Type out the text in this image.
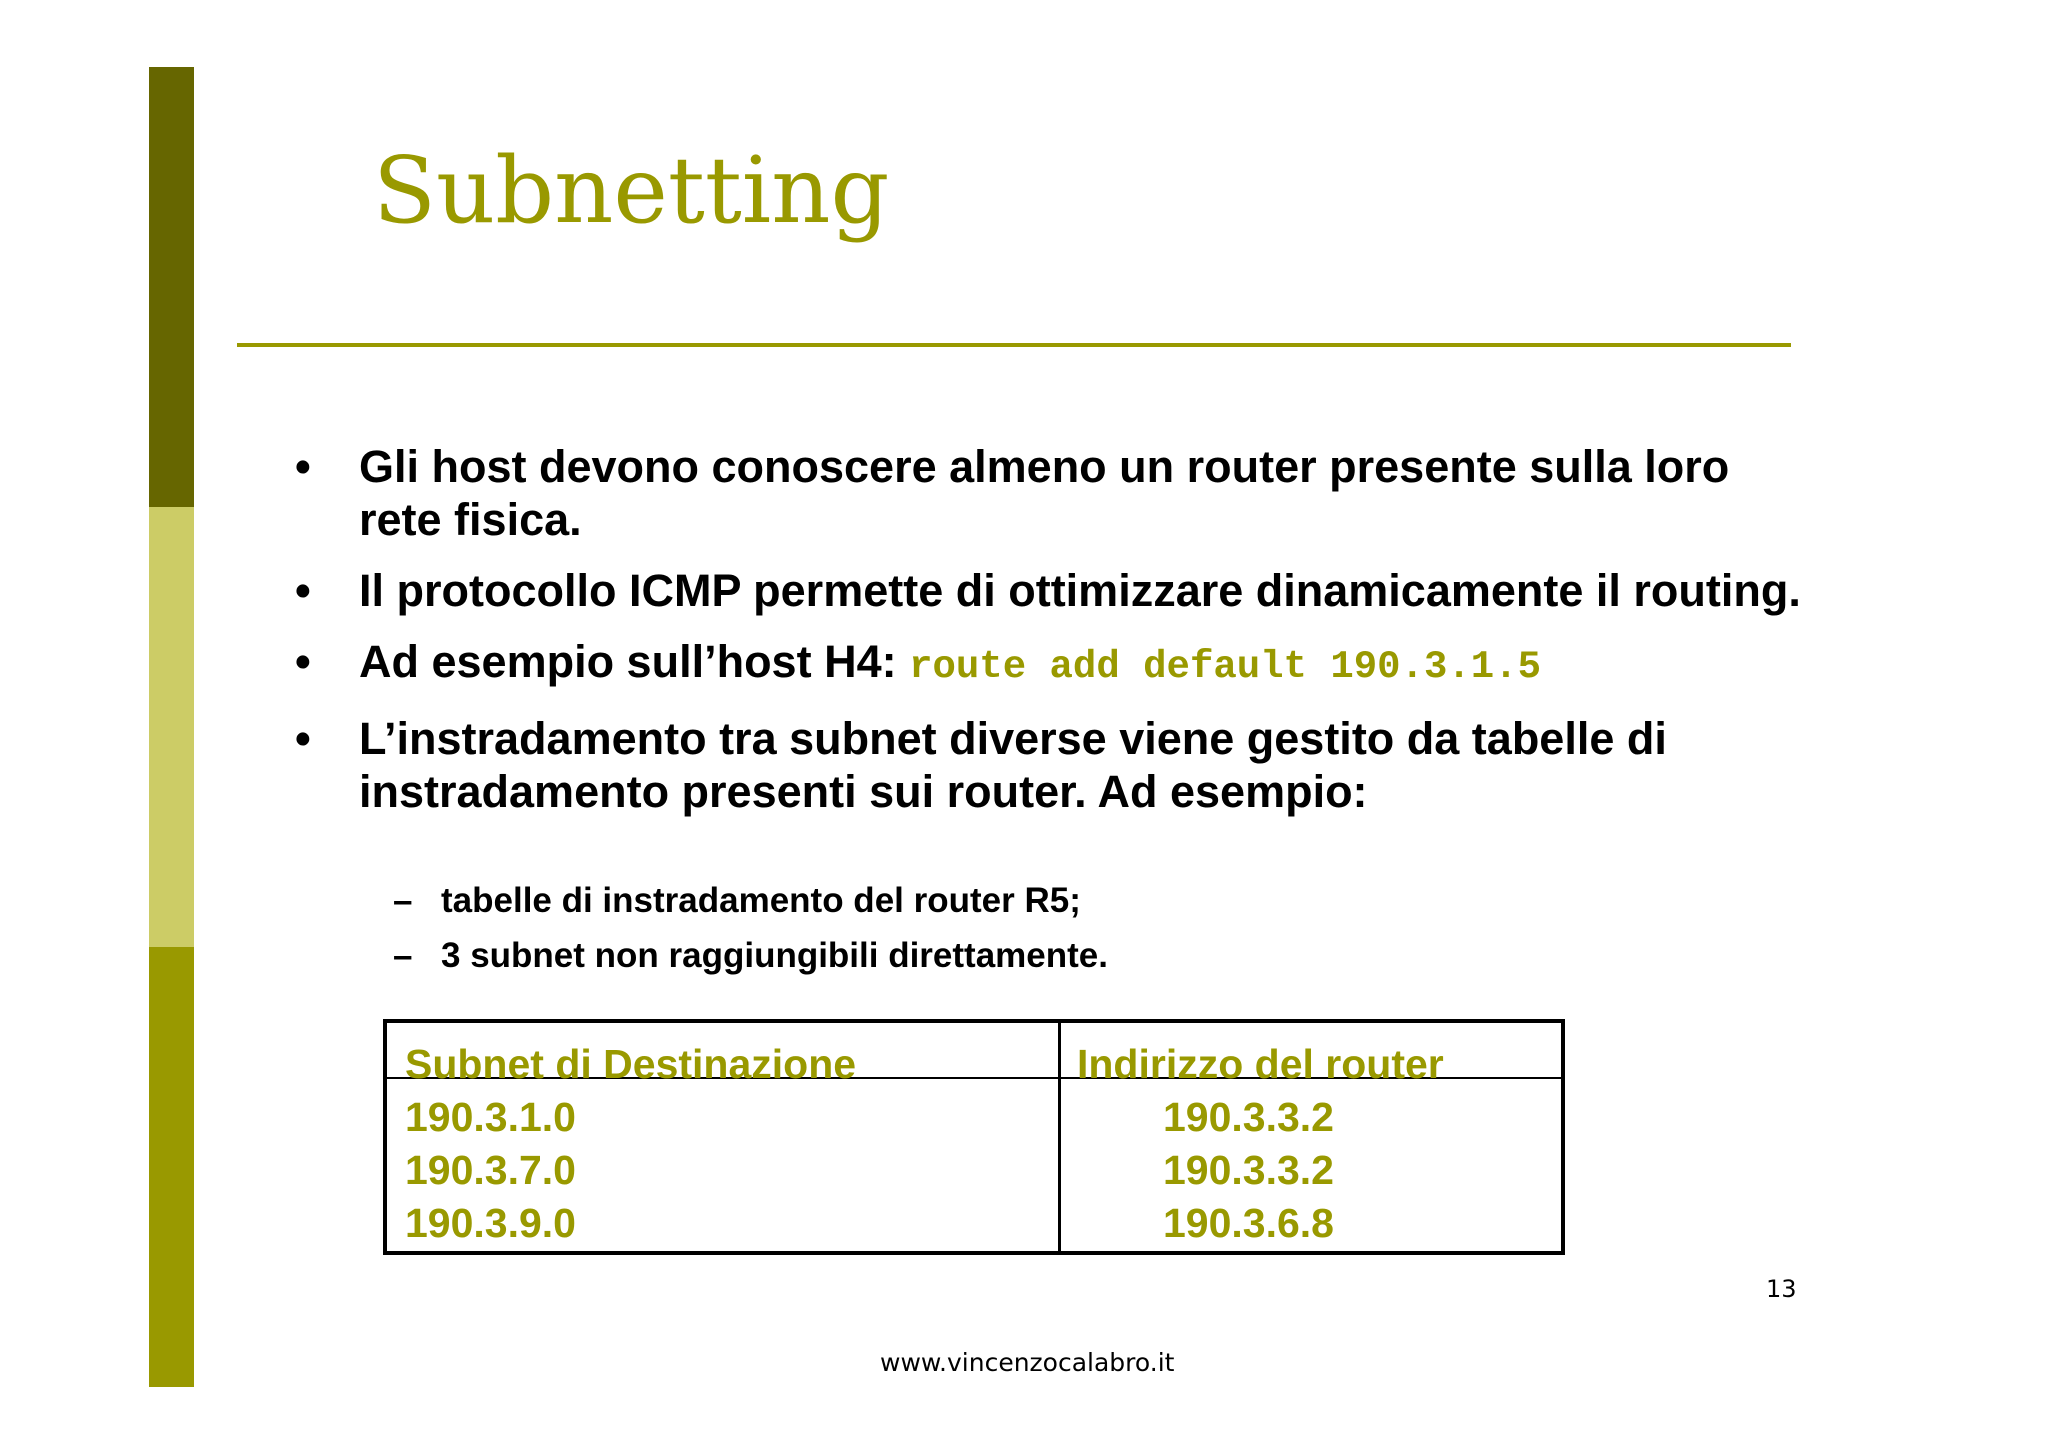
Subnetting
•	Gli host devono conoscere almeno un router presente sulla loro rete fisica.
•	Il protocollo ICMP permette di ottimizzare dinamicamente il routing.
•	Ad esempio sull’host H4: route add default 190.3.1.5
•	L’instradamento tra subnet diverse viene gestito da tabelle di instradamento presenti sui router. Ad esempio:
– tabelle di instradamento del router R5;
– 3 subnet non raggiungibili direttamente.
Subnet di Destinazione	Indirizzo del router
190.3.1.0	190.3.3.2
190.3.7.0	190.3.3.2
190.3.9.0	190.3.6.8
13
www.vincenzocalabro.it
